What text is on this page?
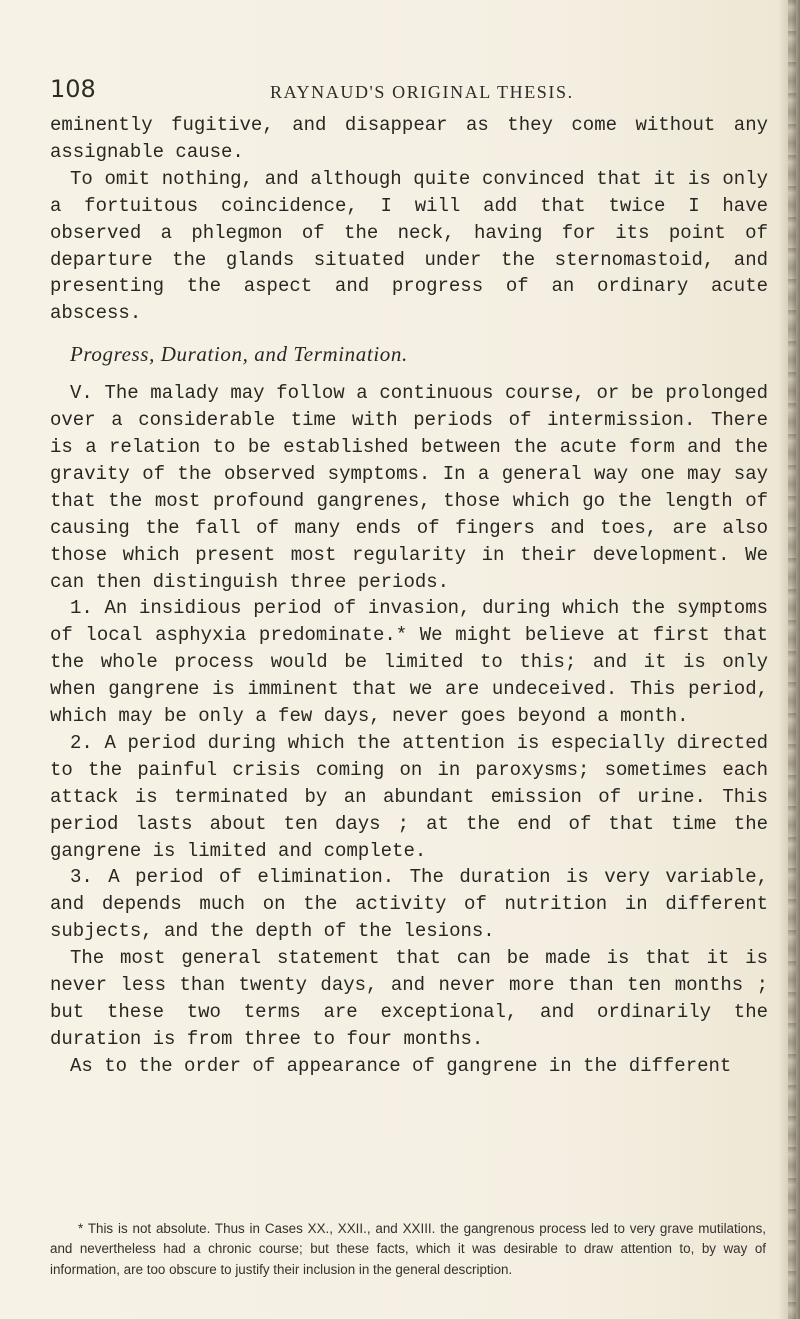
108	RAYNAUD'S ORIGINAL THESIS.

eminently fugitive, and disappear as they come without any assignable cause.

To omit nothing, and although quite convinced that it is only a fortuitous coincidence, I will add that twice I have observed a phlegmon of the neck, having for its point of departure the glands situated under the sternomastoid, and presenting the aspect and progress of an ordinary acute abscess.

Progress, Duration, and Termination.

V. The malady may follow a continuous course, or be prolonged over a considerable time with periods of intermission. There is a relation to be established between the acute form and the gravity of the observed symptoms. In a general way one may say that the most profound gangrenes, those which go the length of causing the fall of many ends of fingers and toes, are also those which present most regularity in their development. We can then distinguish three periods.

1. An insidious period of invasion, during which the symptoms of local asphyxia predominate.* We might believe at first that the whole process would be limited to this; and it is only when gangrene is imminent that we are undeceived. This period, which may be only a few days, never goes beyond a month.

2. A period during which the attention is especially directed to the painful crisis coming on in paroxysms; sometimes each attack is terminated by an abundant emission of urine. This period lasts about ten days ; at the end of that time the gangrene is limited and complete.

3. A period of elimination. The duration is very variable, and depends much on the activity of nutrition in different subjects, and the depth of the lesions.

The most general statement that can be made is that it is never less than twenty days, and never more than ten months ; but these two terms are exceptional, and ordinarily the duration is from three to four months.

As to the order of appearance of gangrene in the different

* This is not absolute. Thus in Cases XX., XXII., and XXIII. the gangrenous process led to very grave mutilations, and nevertheless had a chronic course; but these facts, which it was desirable to draw attention to, by way of information, are too obscure to justify their inclusion in the general description.
